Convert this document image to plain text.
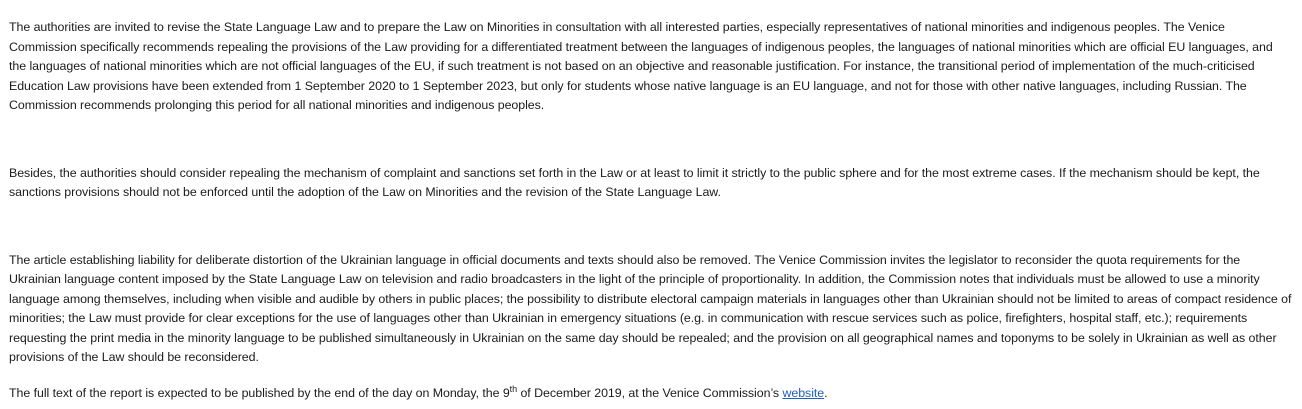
The authorities are invited to revise the State Language Law and to prepare the Law on Minorities in consultation with all interested parties, especially representatives of national minorities and indigenous peoples. The Venice Commission specifically recommends repealing the provisions of the Law providing for a differentiated treatment between the languages of indigenous peoples, the languages of national minorities which are official EU languages, and the languages of national minorities which are not official languages of the EU, if such treatment is not based on an objective and reasonable justification. For instance, the transitional period of implementation of the much-criticised Education Law provisions have been extended from 1 September 2020 to 1 September 2023, but only for students whose native language is an EU language, and not for those with other native languages, including Russian. The Commission recommends prolonging this period for all national minorities and indigenous peoples.

Besides, the authorities should consider repealing the mechanism of complaint and sanctions set forth in the Law or at least to limit it strictly to the public sphere and for the most extreme cases. If the mechanism should be kept, the sanctions provisions should not be enforced until the adoption of the Law on Minorities and the revision of the State Language Law.

The article establishing liability for deliberate distortion of the Ukrainian language in official documents and texts should also be removed. The Venice Commission invites the legislator to reconsider the quota requirements for the Ukrainian language content imposed by the State Language Law on television and radio broadcasters in the light of the principle of proportionality. In addition, the Commission notes that individuals must be allowed to use a minority language among themselves, including when visible and audible by others in public places; the possibility to distribute electoral campaign materials in languages other than Ukrainian should not be limited to areas of compact residence of minorities; the Law must provide for clear exceptions for the use of languages other than Ukrainian in emergency situations (e.g. in communication with rescue services such as police, firefighters, hospital staff, etc.); requirements requesting the print media in the minority language to be published simultaneously in Ukrainian on the same day should be repealed; and the provision on all geographical names and toponyms to be solely in Ukrainian as well as other provisions of the Law should be reconsidered.

The full text of the report is expected to be published by the end of the day on Monday, the 9th of December 2019, at the Venice Commission’s website.
